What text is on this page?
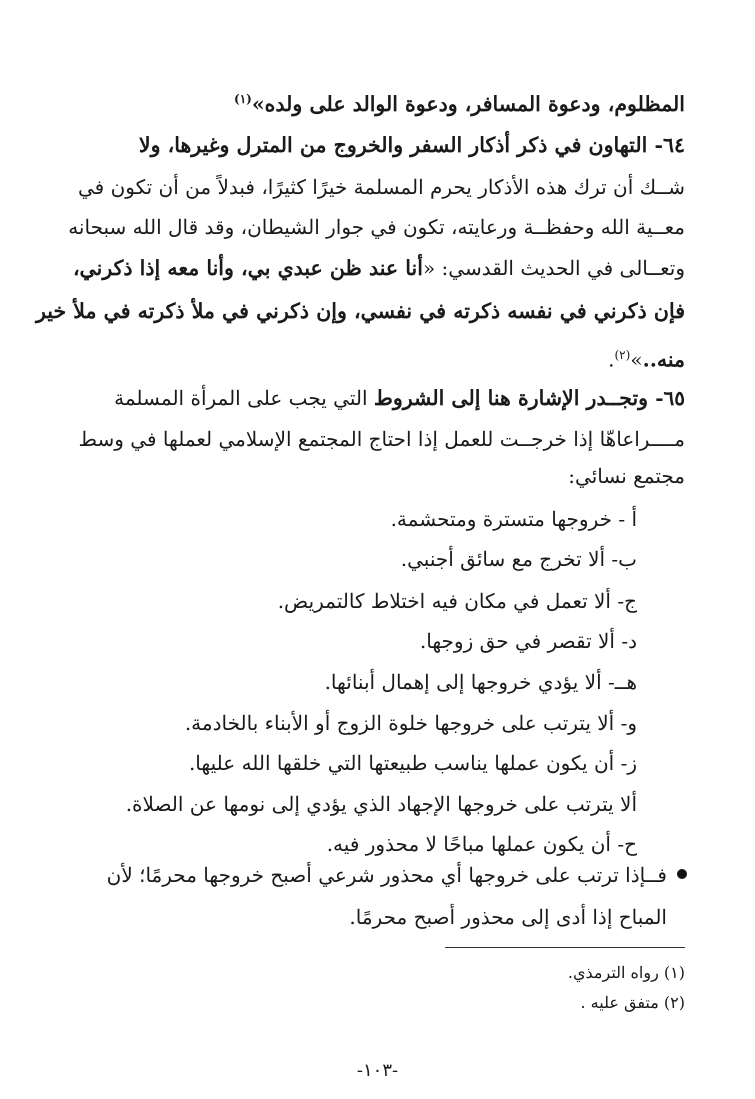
المظلوم، ودعوة المسافر، ودعوة الوالد على ولده»$^{(١)}$
٦٤- التهاون في ذكر أذكار السفر والخروج من المترل وغيرها، ولا
شــك أن ترك هذه الأذكار يحرم المسلمة خيرًا كثيرًا، فبدلاً من أن تكون في
معــية الله وحفظــة ورعايته، تكون في جوار الشيطان، وقد قال الله سبحانه
وتعــالى في الحديث القدسي: «أنا عند ظن عبدي بي، وأنا معه إذا ذكرني،
فإن ذكرني في نفسه ذكرته في نفسي، وإن ذكرني في ملأ ذكرته في ملأ خير
منه..»$^{(٢)}$.
٦٥- وتجــدر الإشارة هنا إلى الشروط التي يجب على المرأة المسلمة
مــــراعاهّا إذا خرجــت للعمل إذا احتاج المجتمع الإسلامي لعملها في وسط
مجتمع نسائي:
أ - خروجها متسترة ومتحشمة.
ب- ألا تخرج مع سائق أجنبي.
ج- ألا تعمل في مكان فيه اختلاط كالتمريض.
د- ألا تقصر في حق زوجها.
هــ- ألا يؤدي خروجها إلى إهمال أبنائها.
و- ألا يترتب على خروجها خلوة الزوج أو الأبناء بالخادمة.
ز- أن يكون عملها يناسب طبيعتها التي خلقها الله عليها.
ألا يترتب على خروجها الإجهاد الذي يؤدي إلى نومها عن الصلاة.
ح- أن يكون عملها مباحًا لا محذور فيه.
فــإذا ترتب على خروجها أي محذور شرعي أصبح خروجها محرمًا؛ لأن
المباح إذا أدى إلى محذور أصبح محرمًا.
(١) رواه الترمذي.
(٢) متفق عليه .
-١٠٣-
